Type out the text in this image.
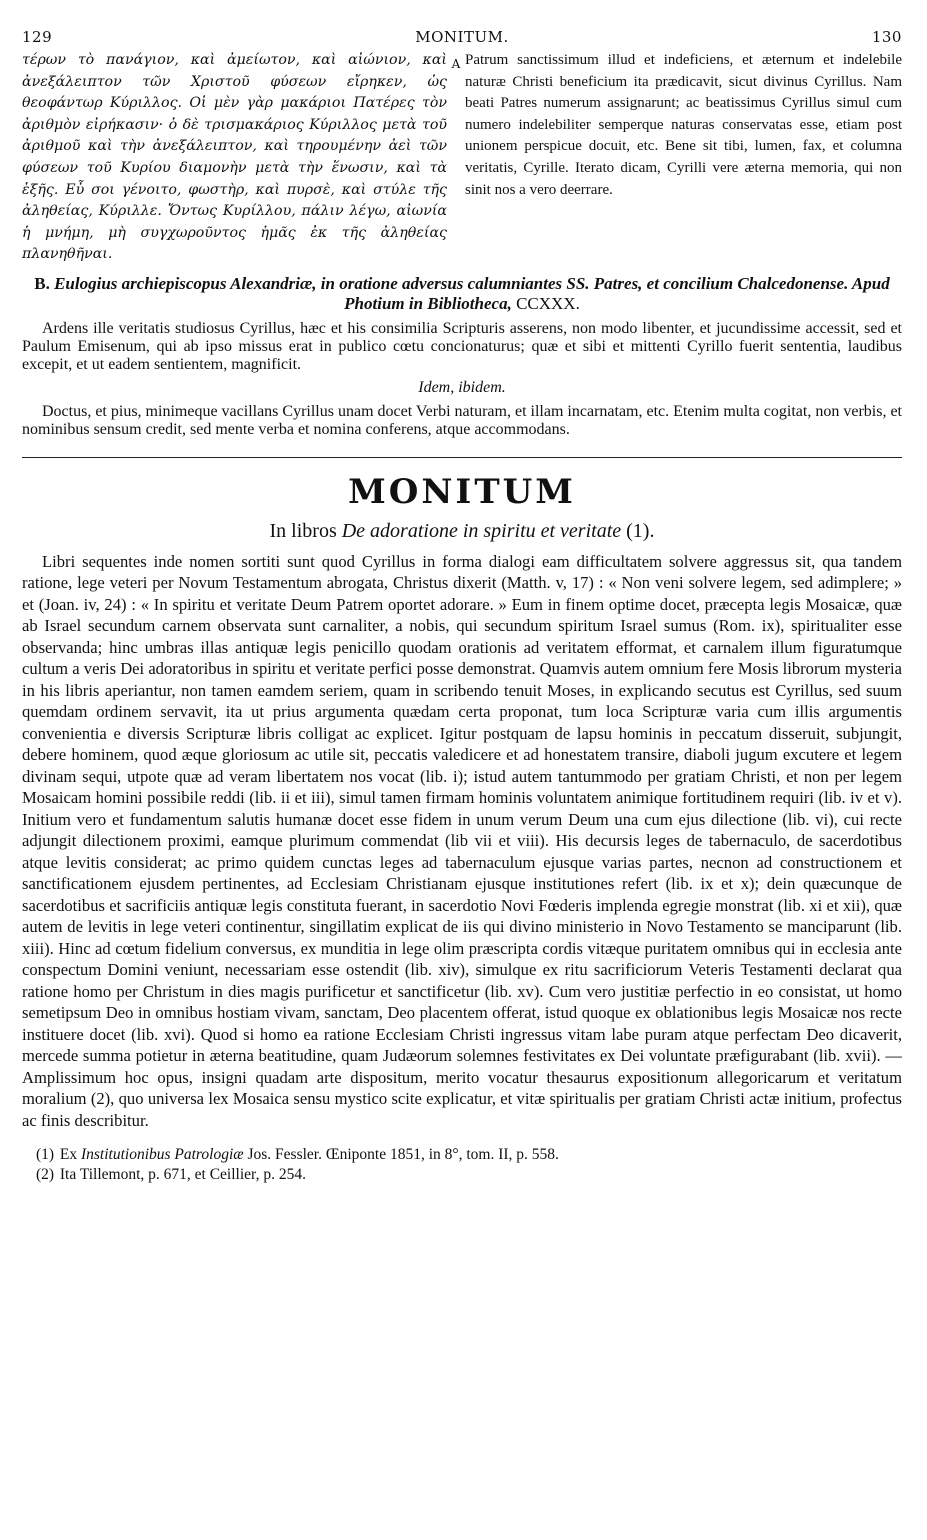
129	MONITUM.	130
τέρων τὸ πανάγιον, καὶ ἀμείωτον, καὶ αἰώνιον, καὶ ἀνεξάλειπτον τῶν Χριστοῦ φύσεων εἴρηκεν, ὡς θεοφάντωρ Κύριλλος. Οἱ μὲν γὰρ μακάριοι Πατέρες τὸν ἀριθμὸν εἰρήκασιν· ὁ δὲ τρισμακάριος Κύριλλος μετὰ τοῦ ἀριθμοῦ καὶ τὴν ἀνεξάλειπτον, καὶ τηρουμένην ἀεὶ τῶν φύσεων τοῦ Κυρίου διαμονὴν μετὰ τὴν ἕνωσιν, καὶ τὰ ἑξῆς. Εὖ σοι γένοιτο, φωστὴρ, καὶ πυρσὲ, καὶ στύλε τῆς ἀληθείας, Κύριλλε. Ὄντως Κυρίλλου, πάλιν λέγω, αἰωνία ἡ μνήμη, μὴ συγχωροῦντος ἡμᾶς ἐκ τῆς ἀληθείας πλανηθῆναι.
A Patrum sanctissimum illud et indeficiens, et æternum et indelebile naturæ Christi beneficium ita prædicavit, sicut divinus Cyrillus. Nam beati Patres numerum assignarunt; ac beatissimus Cyrillus simul cum numero indelebiliter semperque naturas conservatas esse, etiam post unionem perspicue docuit, etc. Bene sit tibi, lumen, fax, et columna veritatis, Cyrille. Iterato dicam, Cyrilli vere æterna memoria, qui non sinit nos a vero deerrare.
B. Eulogius archiepiscopus Alexandriæ, in oratione adversus calumniantes SS. Patres, et concilium Chalcedonense. Apud Photium in Bibliotheca, CCXXX.

Ardens ille veritatis studiosus Cyrillus, hæc et his consimilia Scripturis asserens, non modo libenter, et jucundissime accessit, sed et Paulum Emisenum, qui ab ipso missus erat in publico cœtu concionaturus; quæ et sibi et mittenti Cyrillo fuerit sententia, laudibus excepit, et ut eadem sentientem, magnificit.

Idem, ibidem.

Doctus, et pius, minimeque vacillans Cyrillus unam docet Verbi naturam, et illam incarnatam, etc. Etenim multa cogitat, non verbis, et nominibus sensum credit, sed mente verba et nomina conferens, atque accommodans.

MONITUM
In libros De adoratione in spiritu et veritate (1).

Libri sequentes inde nomen sortiti sunt quod Cyrillus in forma dialogi eam difficultatem solvere aggressus sit, qua tandem ratione, lege veteri per Novum Testamentum abrogata, Christus dixerit (Matth. v, 17) : « Non veni solvere legem, sed adimplere; » et (Joan. iv, 24) : « In spiritu et veritate Deum Patrem oportet adorare. » Eum in finem optime docet, præcepta legis Mosaicæ, quæ ab Israel secundum carnem observata sunt carnaliter, a nobis, qui secundum spiritum Israel sumus (Rom. ix), spiritualiter esse observanda; hinc umbras illas antiquæ legis penicillo quodam orationis ad veritatem efformat, et carnalem illum figuratumque cultum a veris Dei adoratoribus in spiritu et veritate perfici posse demonstrat. Quamvis autem omnium fere Mosis librorum mysteria in his libris aperiantur, non tamen eamdem seriem, quam in scribendo tenuit Moses, in explicando secutus est Cyrillus, sed suum quemdam ordinem servavit, ita ut prius argumenta quædam certa proponat, tum loca Scripturæ varia cum illis argumentis convenientia e diversis Scripturæ libris colligat ac explicet. Igitur postquam de lapsu hominis in peccatum disseruit, subjungit, debere hominem, quod æque gloriosum ac utile sit, peccatis valedicere et ad honestatem transire, diaboli jugum excutere et legem divinam sequi, utpote quæ ad veram libertatem nos vocat (lib. i); istud autem tantummodo per gratiam Christi, et non per legem Mosaicam homini possibile reddi (lib. ii et iii), simul tamen firmam hominis voluntatem animique fortitudinem requiri (lib. iv et v). Initium vero et fundamentum salutis humanæ docet esse fidem in unum verum Deum una cum ejus dilectione (lib. vi), cui recte adjungit dilectionem proximi, eamque plurimum commendat (lib vii et viii). His decursis leges de tabernaculo, de sacerdotibus atque levitis considerat; ac primo quidem cunctas leges ad tabernaculum ejusque varias partes, necnon ad constructionem et sanctificationem ejusdem pertinentes, ad Ecclesiam Christianam ejusque institutiones refert (lib. ix et x); dein quæcunque de sacerdotibus et sacrificiis antiquæ legis constituta fuerant, in sacerdotio Novi Fœderis implenda egregie monstrat (lib. xi et xii), quæ autem de levitis in lege veteri continentur, singillatim explicat de iis qui divino ministerio in Novo Testamento se manciparunt (lib. xiii). Hinc ad cœtum fidelium conversus, ex munditia in lege olim præscripta cordis vitæque puritatem omnibus qui in ecclesia ante conspectum Domini veniunt, necessariam esse ostendit (lib. xiv), simulque ex ritu sacrificiorum Veteris Testamenti declarat qua ratione homo per Christum in dies magis purificetur et sanctificetur (lib. xv). Cum vero justitiæ perfectio in eo consistat, ut homo semetipsum Deo in omnibus hostiam vivam, sanctam, Deo placentem offerat, istud quoque ex oblationibus legis Mosaicæ nos recte instituere docet (lib. xvi). Quod si homo ea ratione Ecclesiam Christi ingressus vitam labe puram atque perfectam Deo dicaverit, mercede summa potietur in æterna beatitudine, quam Judæorum solemnes festivitates ex Dei voluntate præfigurabant (lib. xvii). — Amplissimum hoc opus, insigni quadam arte dispositum, merito vocatur thesaurus expositionum allegoricarum et veritatum moralium (2), quo universa lex Mosaica sensu mystico scite explicatur, et vitæ spiritualis per gratiam Christi actæ initium, profectus ac finis describitur.

(1) Ex Institutionibus Patrologiæ Jos. Fessler. Œniponte 1851, in 8°, tom. II, p. 558.

(2) Ita Tillemont, p. 671, et Ceillier, p. 254.
